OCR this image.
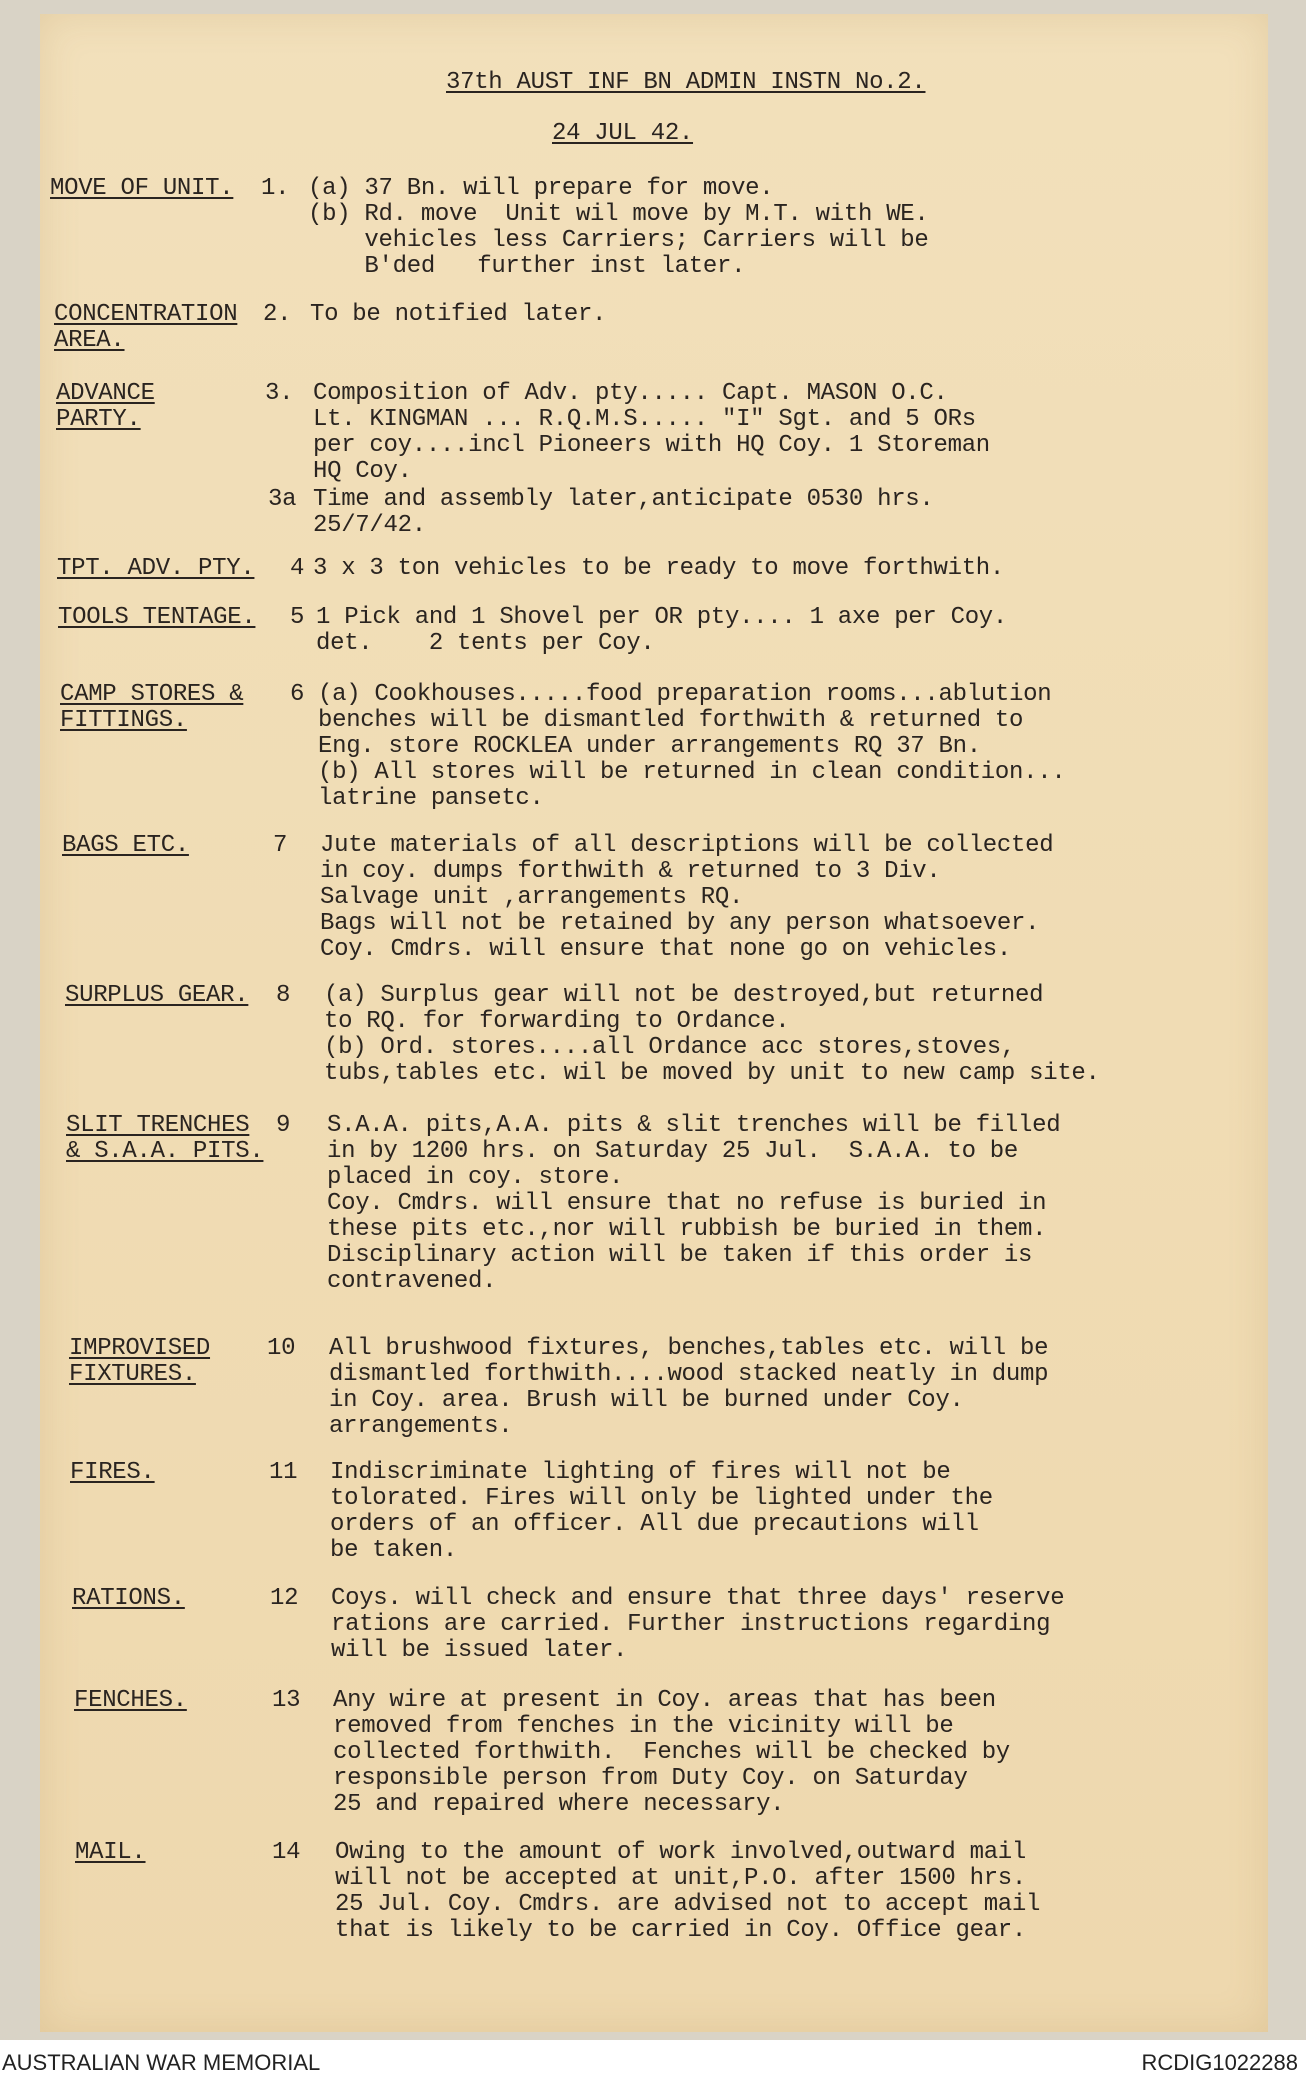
37th AUST INF BN ADMIN INSTN No.2.
24 JUL 42.
MOVE OF UNIT. 1. (a) 37 Bn. will prepare for move.
(b) Rd. move  Unit wil move by M.T. with WE.
vehicles less Carriers; Carriers will be
B'ded   further inst later.
CONCENTRATION
AREA.
2. To be notified later.
ADVANCE
PARTY.
3. Composition of Adv. pty..... Capt. MASON O.C.
Lt. KINGMAN ... R.Q.M.S..... "I" Sgt. and 5 ORs
per coy....incl Pioneers with HQ Coy. 1 Storeman
HQ Coy.
3a Time and assembly later,anticipate 0530 hrs.
25/7/42.
TPT. ADV. PTY. 4 3 x 3 ton vehicles to be ready to move forthwith.
TOOLS TENTAGE. 5 1 Pick and 1 Shovel per OR pty.... 1 axe per Coy.
det.    2 tents per Coy.
CAMP STORES &
FITTINGS.
6 (a) Cookhouses.....food preparation rooms...ablution
benches will be dismantled forthwith & returned to
Eng. store ROCKLEA under arrangements RQ 37 Bn.
(b) All stores will be returned in clean condition...
latrine pansetc.
BAGS ETC.	7 Jute materials of all descriptions will be collected
in coy. dumps forthwith & returned to 3 Div.
Salvage unit ,arrangements RQ.
Bags will not be retained by any person whatsoever.
Coy. Cmdrs. will ensure that none go on vehicles.
SURPLUS GEAR. 8 (a) Surplus gear will not be destroyed,but returned
to RQ. for forwarding to Ordance.
(b) Ord. stores....all Ordance acc stores,stoves,
tubs,tables etc. wil be moved by unit to new camp site.
SLIT TRENCHES
& S.A.A. PITS.
9 S.A.A. pits,A.A. pits & slit trenches will be filled
in by 1200 hrs. on Saturday 25 Jul.  S.A.A. to be
placed in coy. store.
Coy. Cmdrs. will ensure that no refuse is buried in
these pits etc.,nor will rubbish be buried in them.
Disciplinary action will be taken if this order is
contravened.
IMPROVISED
FIXTURES.
10 All brushwood fixtures, benches,tables etc. will be
dismantled forthwith....wood stacked neatly in dump
in Coy. area. Brush will be burned under Coy.
arrangements.
FIRES.	11 Indiscriminate lighting of fires will not be
tolorated. Fires will only be lighted under the
orders of an officer. All due precautions will
be taken.
RATIONS.	12 Coys. will check and ensure that three days' reserve
rations are carried. Further instructions regarding
will be issued later.
FENCHES.	13 Any wire at present in Coy. areas that has been
removed from fenches in the vicinity will be
collected forthwith.  Fenches will be checked by
responsible person from Duty Coy. on Saturday
25 and repaired where necessary.
MAIL.	14 Owing to the amount of work involved,outward mail
will not be accepted at unit,P.O. after 1500 hrs.
25 Jul. Coy. Cmdrs. are advised not to accept mail
that is likely to be carried in Coy. Office gear.
AUSTRALIAN WAR MEMORIAL	RCDIG1022288
